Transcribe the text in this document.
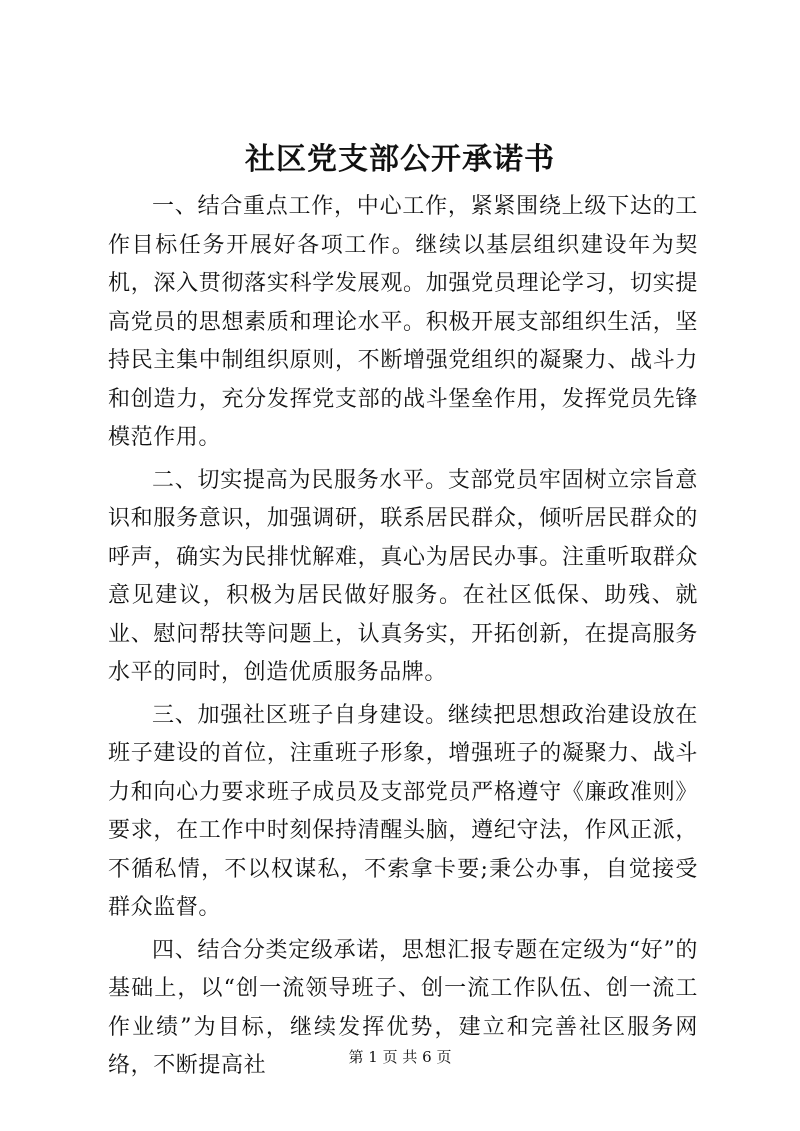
社区党支部公开承诺书

一、结合重点工作，中心工作，紧紧围绕上级下达的工作目标任务开展好各项工作。继续以基层组织建设年为契机，深入贯彻落实科学发展观。加强党员理论学习，切实提高党员的思想素质和理论水平。积极开展支部组织生活，坚持民主集中制组织原则，不断增强党组织的凝聚力、战斗力和创造力，充分发挥党支部的战斗堡垒作用，发挥党员先锋模范作用。

二、切实提高为民服务水平。支部党员牢固树立宗旨意识和服务意识，加强调研，联系居民群众，倾听居民群众的呼声，确实为民排忧解难，真心为居民办事。注重听取群众意见建议，积极为居民做好服务。在社区低保、助残、就业、慰问帮扶等问题上，认真务实，开拓创新，在提高服务水平的同时，创造优质服务品牌。

三、加强社区班子自身建设。继续把思想政治建设放在班子建设的首位，注重班子形象，增强班子的凝聚力、战斗力和向心力要求班子成员及支部党员严格遵守《廉政准则》要求，在工作中时刻保持清醒头脑，遵纪守法，作风正派，不循私情，不以权谋私，不索拿卡要;秉公办事，自觉接受群众监督。

四、结合分类定级承诺，思想汇报专题在定级为“好”的基础上，以“创一流领导班子、创一流工作队伍、创一流工作业绩”为目标，继续发挥优势，建立和完善社区服务网络，不断提高社	第 1 页 共 6 页
